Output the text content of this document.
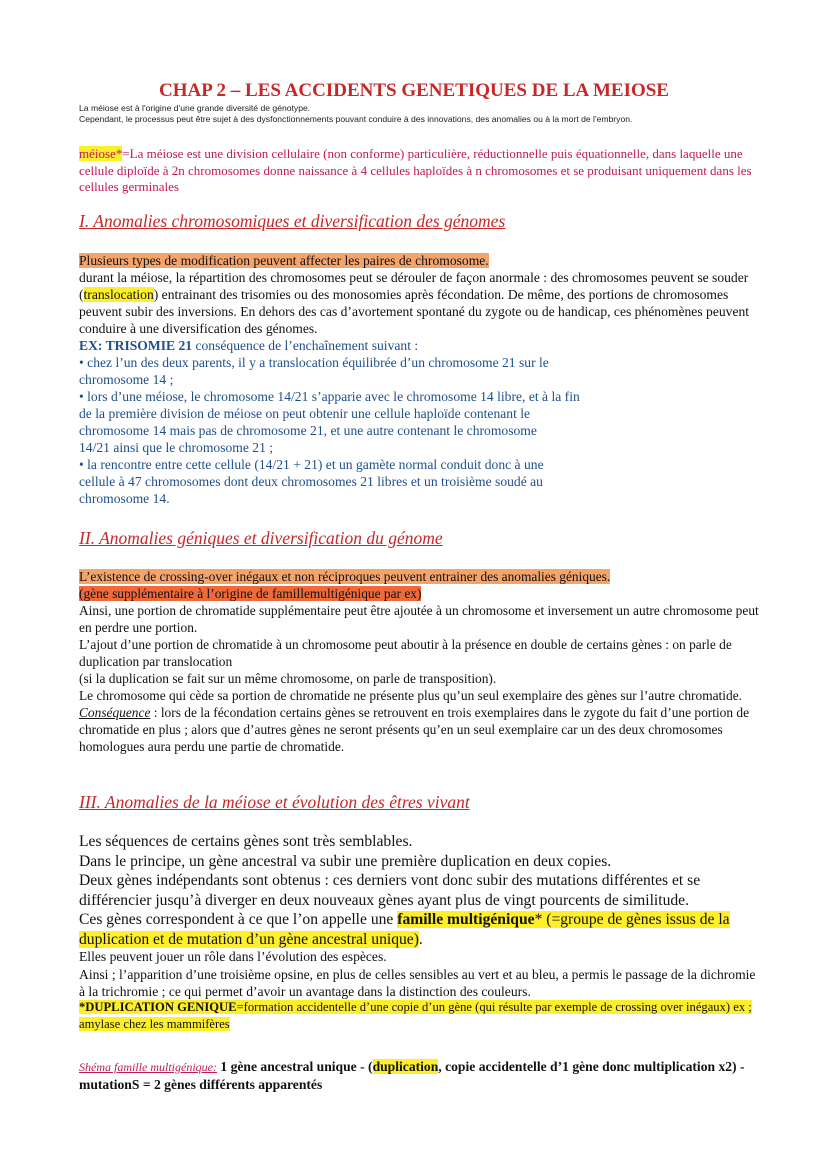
CHAP 2 – LES ACCIDENTS GENETIQUES DE LA MEIOSE

La méiose est à l'origine d'une grande diversité de génotype.

Cependant, le processus peut être sujet à des dysfonctionnements pouvant conduire à des innovations, des anomalies ou à la mort de l'embryon.

méiose*=La méiose est une division cellulaire (non conforme) particulière, réductionnelle puis équationnelle, dans laquelle une cellule diploïde à 2n chromosomes donne naissance à 4 cellules haploïdes à n chromosomes et se produisant uniquement dans les cellules germinales

I. Anomalies chromosomiques et diversification des génomes

Plusieurs types de modification peuvent affecter les paires de chromosome.

durant la méiose, la répartition des chromosomes peut se dérouler de façon anormale : des chromosomes peuvent se souder (translocation) entrainant des trisomies ou des monosomies après fécondation. De même, des portions de chromosomes peuvent subir des inversions. En dehors des cas d’avortement spontané du zygote ou de handicap, ces phénomènes peuvent conduire à une diversification des génomes.

EX: TRISOMIE 21 conséquence de l’enchaînement suivant :

• chez l’un des deux parents, il y a translocation équilibrée d’un chromosome 21 sur le

chromosome 14 ;

• lors d’une méiose, le chromosome 14/21 s’apparie avec le chromosome 14 libre, et à la fin

de la première division de méiose on peut obtenir une cellule haploïde contenant le

chromosome 14 mais pas de chromosome 21, et une autre contenant le chromosome

14/21 ainsi que le chromosome 21 ;

• la rencontre entre cette cellule (14/21 + 21) et un gamète normal conduit donc à une

cellule à 47 chromosomes dont deux chromosomes 21 libres et un troisième soudé au

chromosome 14.

II. Anomalies géniques et diversification du génome

L’existence de crossing-over inégaux et non réciproques peuvent entrainer des anomalies géniques.

(gène supplémentaire à l’origine de famillemultigénique par ex)

Ainsi, une portion de chromatide supplémentaire peut être ajoutée à un chromosome et inversement un autre chromosome peut en perdre une portion.

L’ajout d’une portion de chromatide à un chromosome peut aboutir à la présence en double de certains gènes : on parle de duplication par translocation

(si la duplication se fait sur un même chromosome, on parle de transposition).

Le chromosome qui cède sa portion de chromatide ne présente plus qu’un seul exemplaire des gènes sur l’autre chromatide.

Conséquence : lors de la fécondation certains gènes se retrouvent en trois exemplaires dans le zygote du fait d’une portion de chromatide en plus ; alors que d’autres gènes ne seront présents qu’en un seul exemplaire car un des deux chromosomes homologues aura perdu une partie de chromatide.

III. Anomalies de la méiose et évolution des êtres vivant

Les séquences de certains gènes sont très semblables.

Dans le principe, un gène ancestral va subir une première duplication en deux copies.

Deux gènes indépendants sont obtenus : ces derniers vont donc subir des mutations différentes et se différencier jusqu’à diverger en deux nouveaux gènes ayant plus de vingt pourcents de similitude.

Ces gènes correspondent à ce que l’on appelle une famille multigénique* (=groupe de gènes issus de la duplication et de mutation d’un gène ancestral unique).

Elles peuvent jouer un rôle dans l’évolution des espèces.

Ainsi ; l’apparition d’une troisième opsine, en plus de celles sensibles au vert et au bleu, a permis le passage de la dichromie à la trichromie ; ce qui permet d’avoir un avantage dans la distinction des couleurs.

*DUPLICATION GENIQUE=formation accidentelle d’une copie d’un gène (qui résulte par exemple de crossing over inégaux) ex ; amylase chez les mammifères

Shéma famille multigénique: 1 gène ancestral unique - (duplication, copie accidentelle d’1 gène donc multiplication x2) - mutationS = 2 gènes différents apparentés
